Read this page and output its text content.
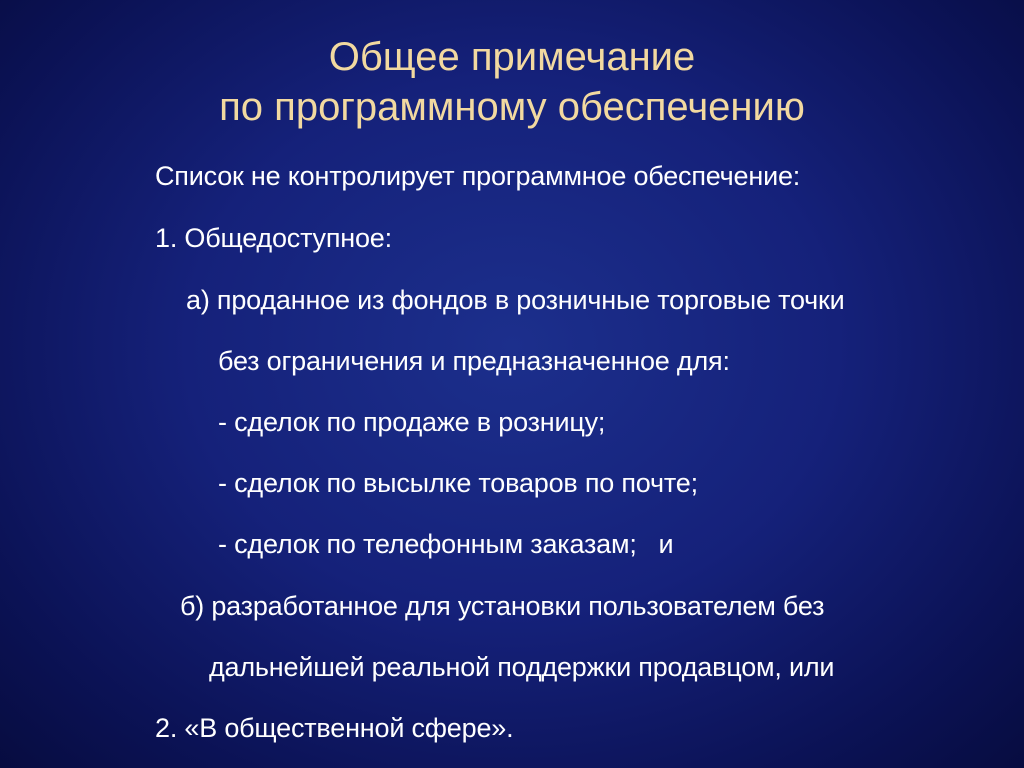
Общее примечание
по программному обеспечению
Список не контролирует программное обеспечение:
1. Общедоступное:
а) проданное из фондов в розничные торговые точки
без ограничения и предназначенное для:
- сделок по продаже в розницу;
- сделок по высылке товаров по почте;
- сделок по телефонным заказам;   и
б) разработанное для установки пользователем без
дальнейшей реальной поддержки продавцом, или
2. «В общественной сфере».
